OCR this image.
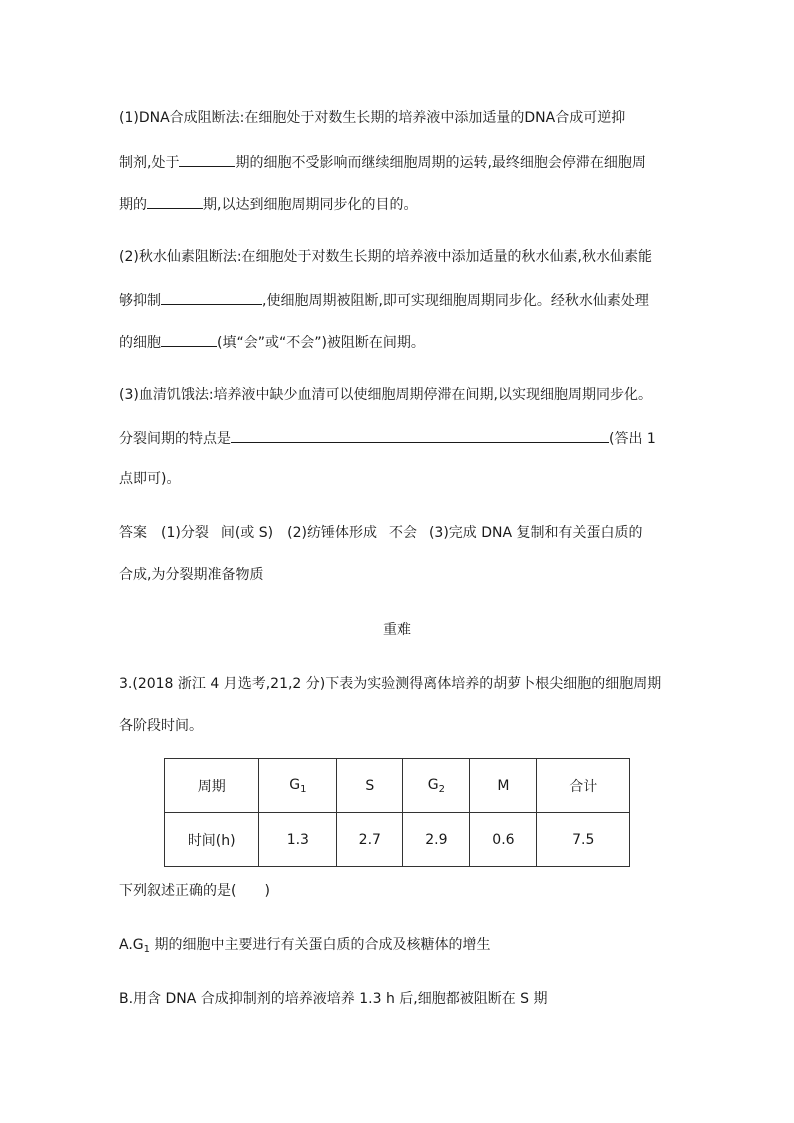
(1)DNA合成阻断法:在细胞处于对数生长期的培养液中添加适量的DNA合成可逆抑
制剂,处于	期的细胞不受影响而继续细胞周期的运转,最终细胞会停滞在细胞周
期的	期,以达到细胞周期同步化的目的。
(2)秋水仙素阻断法:在细胞处于对数生长期的培养液中添加适量的秋水仙素,秋水仙素能
够抑制	,使细胞周期被阻断,即可实现细胞周期同步化。经秋水仙素处理
的细胞	(填“会”或“不会”)被阻断在间期。
(3)血清饥饿法:培养液中缺少血清可以使细胞周期停滞在间期,以实现细胞周期同步化。
分裂间期的特点是	(答出 1
点即可)。
答案 (1)分裂 间(或 S) (2)纺锤体形成 不会 (3)完成 DNA 复制和有关蛋白质的
合成,为分裂期准备物质
重难
3.(2018 浙江 4 月选考,21,2 分)下表为实验测得离体培养的胡萝卜根尖细胞的细胞周期
各阶段时间。
周期	$G_1$	S	$G_2$	M	合计
时间(h)	1.3	2.7	2.9	0.6	7.5
下列叙述正确的是(　　)
$A.G_1$ 期的细胞中主要进行有关蛋白质的合成及核糖体的增生
B.用含 DNA 合成抑制剂的培养液培养 1.3 h 后,细胞都被阻断在 S 期
